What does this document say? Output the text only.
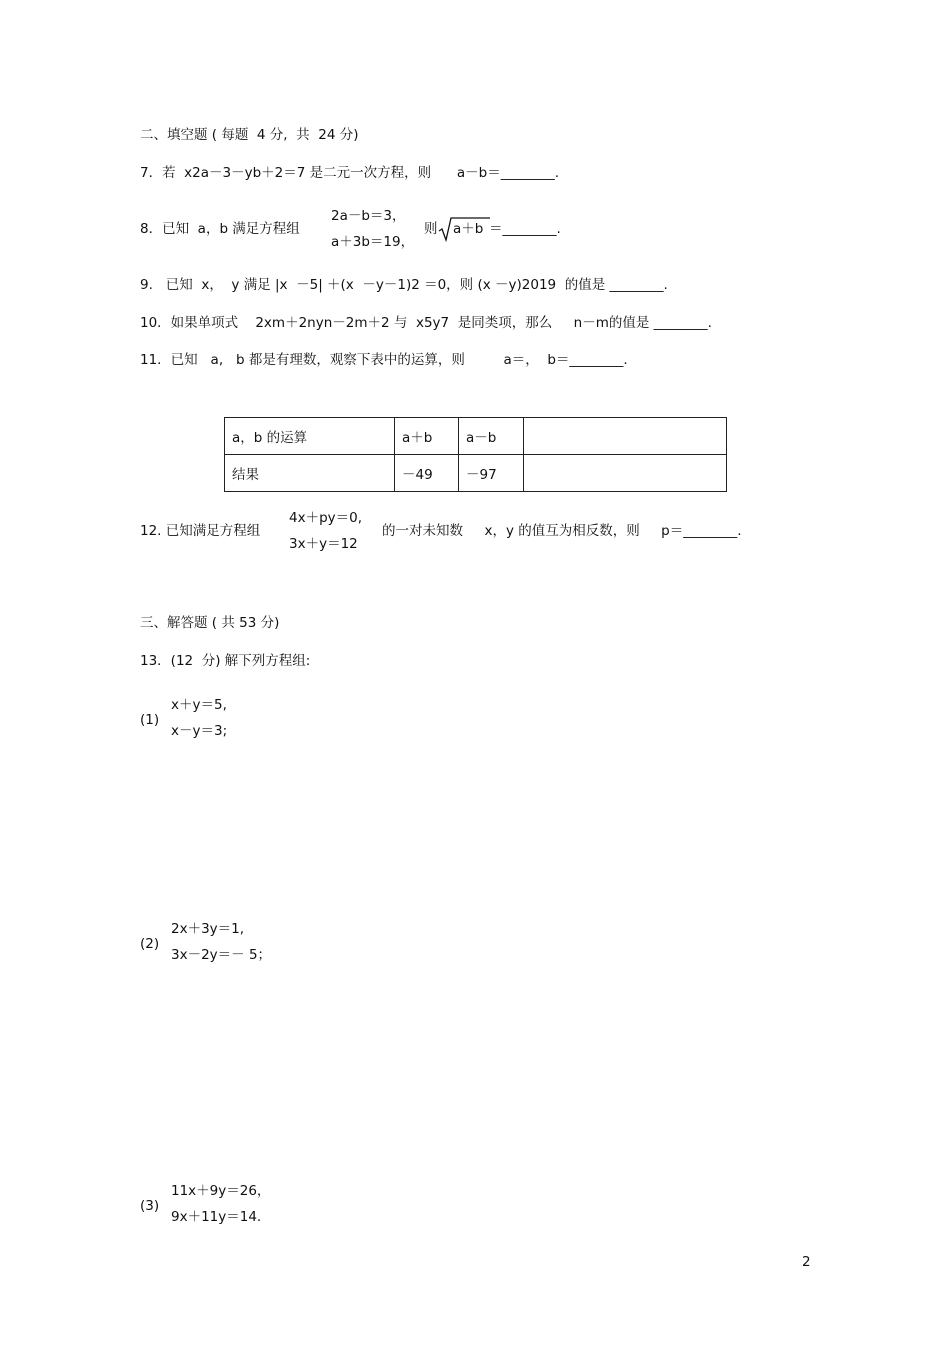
二、填空题 ( 每题  4 分,  共  24 分)
7．若  x2a－3－yb＋2＝7 是二元一次方程，则      a－b＝________.
8．已知  a，b 满足方程组
2a－b＝3，
a＋3b＝19，
则 a＋b ＝________.
9.   已知  x，  y 满足 |x  －5| ＋(x  －y－1)2 ＝0，则 (x －y)2019  的值是 ________.
10．如果单项式    2xm＋2nyn－2m＋2 与  x5y7  是同类项，那么     n－m的值是 ________.
11．已知   a,   b 都是有理数，观察下表中的运算，则         a＝，  b＝________.
a，b 的运算	a＋b	a－b	
结果	－49	－97	
12. 已知满足方程组
4x＋py＝0,
3x＋y＝12
的一对未知数     x，y 的值互为相反数，则     p＝________.
三、解答题 ( 共 53 分)
13．(12  分) 解下列方程组:
(1)
x＋y＝5,
x－y＝3;
(2)
2x＋3y＝1,
3x－2y＝－ 5；
(3)
11x＋9y＝26，
9x＋11y＝14.
2
